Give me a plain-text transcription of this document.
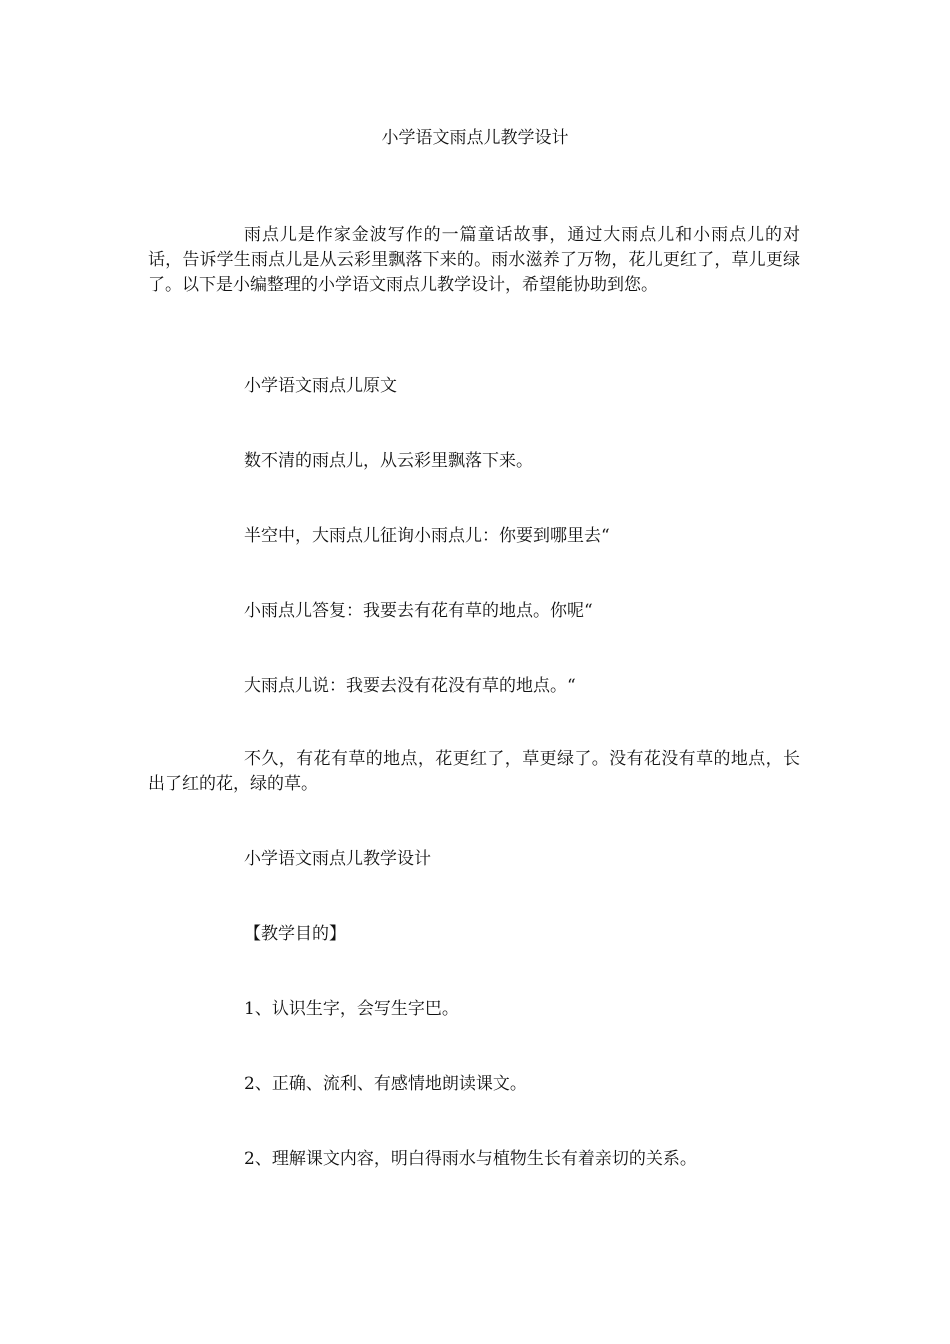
小学语文雨点儿教学设计
雨点儿是作家金波写作的一篇童话故事，通过大雨点儿和小雨点儿的对话，告诉学生雨点儿是从云彩里飘落下来的。雨水滋养了万物，花儿更红了，草儿更绿了。以下是小编整理的小学语文雨点儿教学设计，希望能协助到您。
小学语文雨点儿原文
数不清的雨点儿，从云彩里飘落下来。
半空中，大雨点儿征询小雨点儿：你要到哪里去“
小雨点儿答复：我要去有花有草的地点。你呢“
大雨点儿说：我要去没有花没有草的地点。“
不久，有花有草的地点，花更红了，草更绿了。没有花没有草的地点，长出了红的花，绿的草。
小学语文雨点儿教学设计
【教学目的】
1、认识生字，会写生字巴。
2、正确、流利、有感情地朗读课文。
2、理解课文内容，明白得雨水与植物生长有着亲切的关系。
